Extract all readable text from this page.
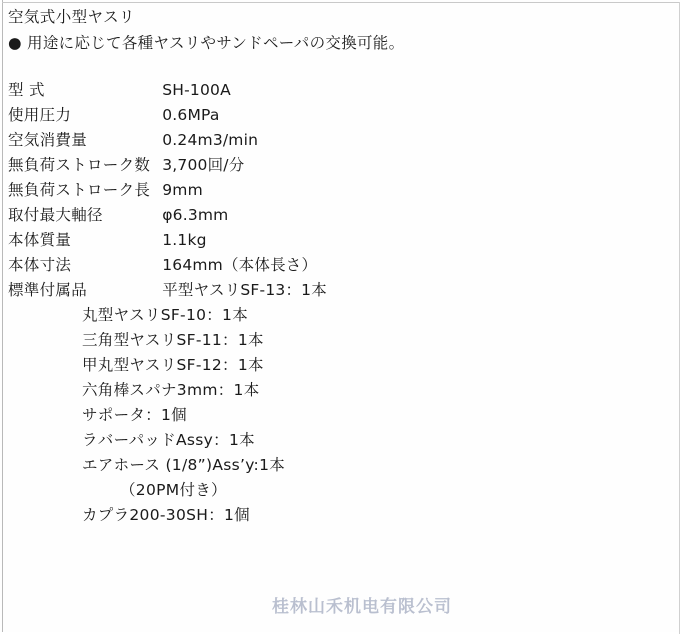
空気式小型ヤスリ
● 用途に応じて各種ヤスリやサンドペーパの交換可能。
型 式	SH-100A
使用圧力	0.6MPa
空気消費量	0.24m3/min
無負荷ストローク数	3,700回/分
無負荷ストローク長	9mm
取付最大軸径	φ6.3mm
本体質量	1.1kg
本体寸法	164mm（本体長さ）
標準付属品	平型ヤスリSF-13：1本
丸型ヤスリSF-10：1本
三角型ヤスリSF-11：1本
甲丸型ヤスリSF-12：1本
六角棒スパナ3mm：1本
サポータ：1個
ラバーパッドAssy：1本
エアホース (1/8”)Ass’y:1本
（20PM付き）
カプラ200-30SH：1個
桂林山禾机电有限公司
